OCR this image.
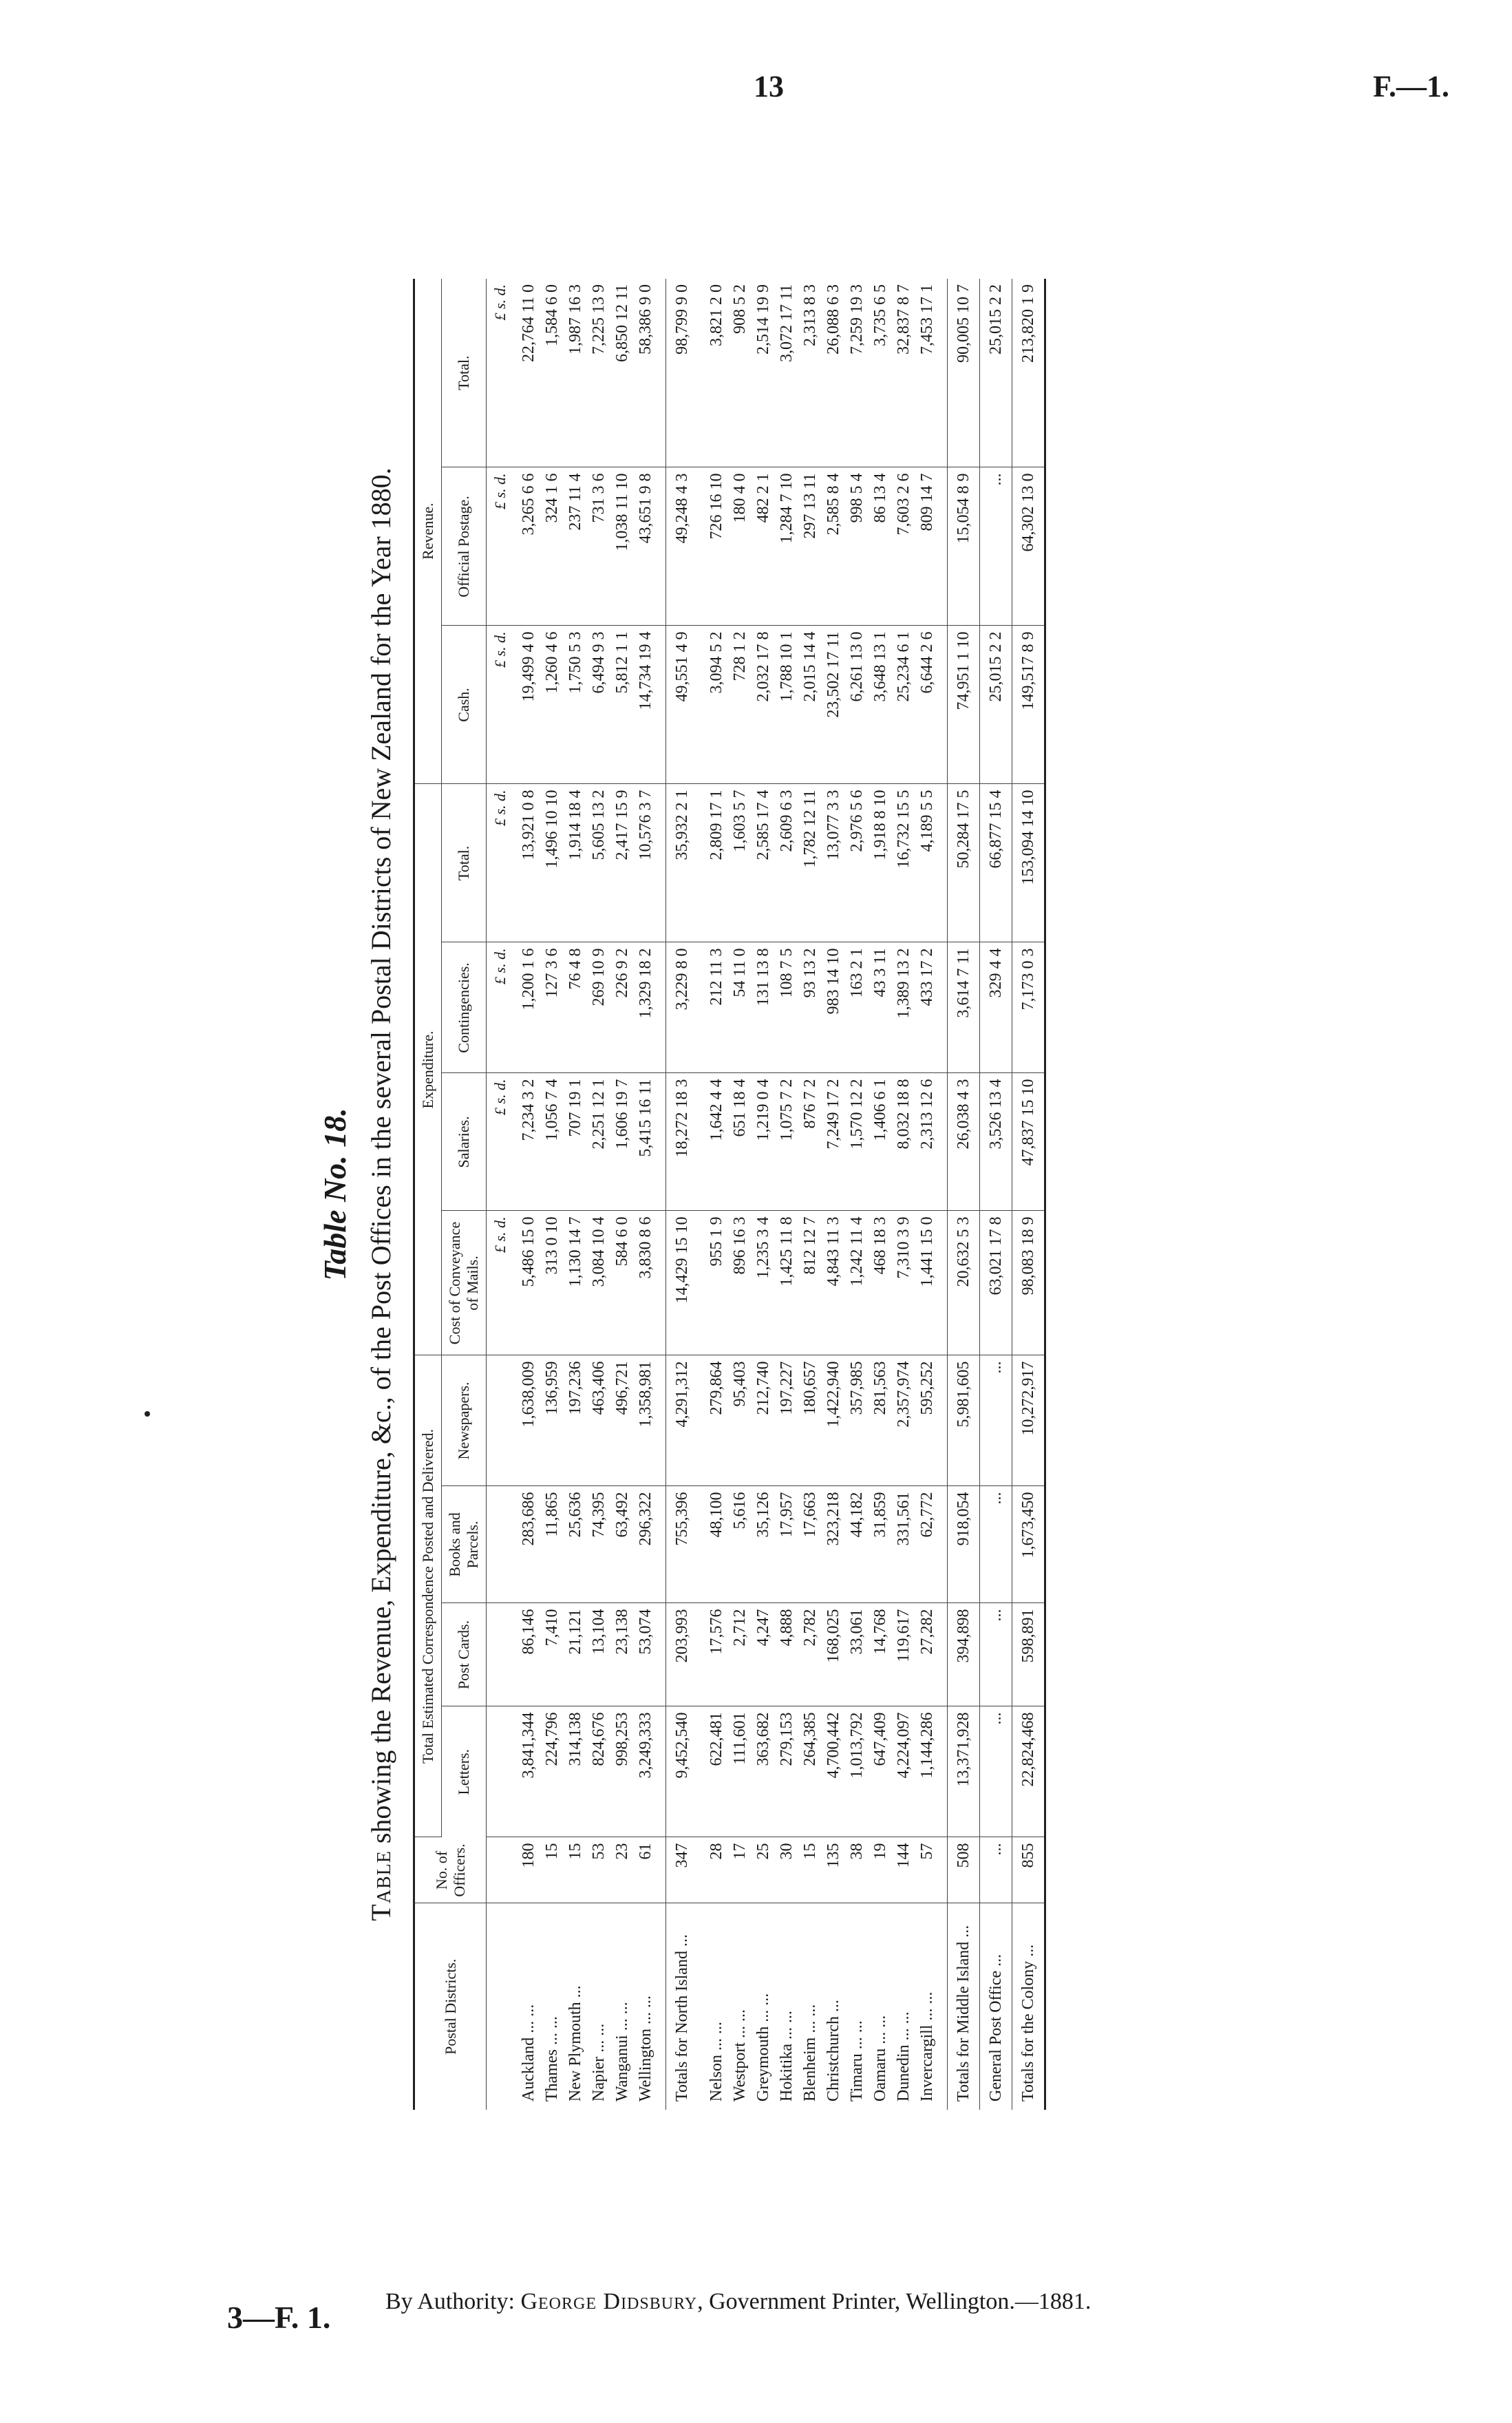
13	F.—1.
Table No. 18.
Table showing the Revenue, Expenditure, &c., of the Post Offices in the several Postal Districts of New Zealand for the Year 1880.
Postal Districts.	No. of Officers.	Total Estimated Correspondence Posted and Delivered.				Expenditure.				Revenue.		
		Letters.	Post Cards.	Books and Parcels.	Newspapers.	Cost of Conveyance of Mails.	Salaries.	Contingencies.	Total.	Cash.	Official Postage.	Total.
						£ s. d.	£ s. d.	£ s. d.	£ s. d.	£ s. d.	£ s. d.	£ s. d.
Auckland ... ...	180	3,841,344	86,146	283,686	1,638,009	5,486 15 0	7,234 3 2	1,200 1 6	13,921 0 8	19,499 4 0	3,265 6 6	22,764 11 0
Thames ... ...	15	224,796	7,410	11,865	136,959	313 0 10	1,056 7 4	127 3 6	1,496 10 10	1,260 4 6	324 1 6	1,584 6 0
New Plymouth ...	15	314,138	21,121	25,636	197,236	1,130 14 7	707 19 1	76 4 8	1,914 18 4	1,750 5 3	237 11 4	1,987 16 3
Napier ... ...	53	824,676	13,104	74,395	463,406	3,084 10 4	2,251 12 1	269 10 9	5,605 13 2	6,494 9 3	731 3 6	7,225 13 9
Wanganui ... ...	23	998,253	23,138	63,492	496,721	584 6 0	1,606 19 7	226 9 2	2,417 15 9	5,812 1 1	1,038 11 10	6,850 12 11
Wellington ... ...	61	3,249,333	53,074	296,322	1,358,981	3,830 8 6	5,415 16 11	1,329 18 2	10,576 3 7	14,734 19 4	43,651 9 8	58,386 9 0
Totals for North Island ...	347	9,452,540	203,993	755,396	4,291,312	14,429 15 10	18,272 18 3	3,229 8 0	35,932 2 1	49,551 4 9	49,248 4 3	98,799 9 0
Nelson ... ...	28	622,481	17,576	48,100	279,864	955 1 9	1,642 4 4	212 11 3	2,809 17 1	3,094 5 2	726 16 10	3,821 2 0
Westport ... ...	17	111,601	2,712	5,616	95,403	896 16 3	651 18 4	54 11 0	1,603 5 7	728 1 2	180 4 0	908 5 2
Greymouth ... ...	25	363,682	4,247	35,126	212,740	1,235 3 4	1,219 0 4	131 13 8	2,585 17 4	2,032 17 8	482 2 1	2,514 19 9
Hokitika ... ...	30	279,153	4,888	17,957	197,227	1,425 11 8	1,075 7 2	108 7 5	2,609 6 3	1,788 10 1	1,284 7 10	3,072 17 11
Blenheim ... ...	15	264,385	2,782	17,663	180,657	812 12 7	876 7 2	93 13 2	1,782 12 11	2,015 14 4	297 13 11	2,313 8 3
Christchurch ...	135	4,700,442	168,025	323,218	1,422,940	4,843 11 3	7,249 17 2	983 14 10	13,077 3 3	23,502 17 11	2,585 8 4	26,088 6 3
Timaru ... ...	38	1,013,792	33,061	44,182	357,985	1,242 11 4	1,570 12 2	163 2 1	2,976 5 6	6,261 13 0	998 5 4	7,259 19 3
Oamaru ... ...	19	647,409	14,768	31,859	281,563	468 18 3	1,406 6 1	43 3 11	1,918 8 10	3,648 13 1	86 13 4	3,735 6 5
Dunedin ... ...	144	4,224,097	119,617	331,561	2,357,974	7,310 3 9	8,032 18 8	1,389 13 2	16,732 15 5	25,234 6 1	7,603 2 6	32,837 8 7
Invercargill ... ...	57	1,144,286	27,282	62,772	595,252	1,441 15 0	2,313 12 6	433 17 2	4,189 5 5	6,644 2 6	809 14 7	7,453 17 1
Totals for Middle Island ...	508	13,371,928	394,898	918,054	5,981,605	20,632 5 3	26,038 4 3	3,614 7 11	50,284 17 5	74,951 1 10	15,054 8 9	90,005 10 7
General Post Office ...	...	...	...	...	...	63,021 17 8	3,526 13 4	329 4 4	66,877 15 4	25,015 2 2	...	25,015 2 2
Totals for the Colony ...	855	22,824,468	598,891	1,673,450	10,272,917	98,083 18 9	47,837 15 10	7,173 0 3	153,094 14 10	149,517 8 9	64,302 13 0	213,820 1 9
3—F. 1. By Authority: George Didsbury, Government Printer, Wellington.—1881.
